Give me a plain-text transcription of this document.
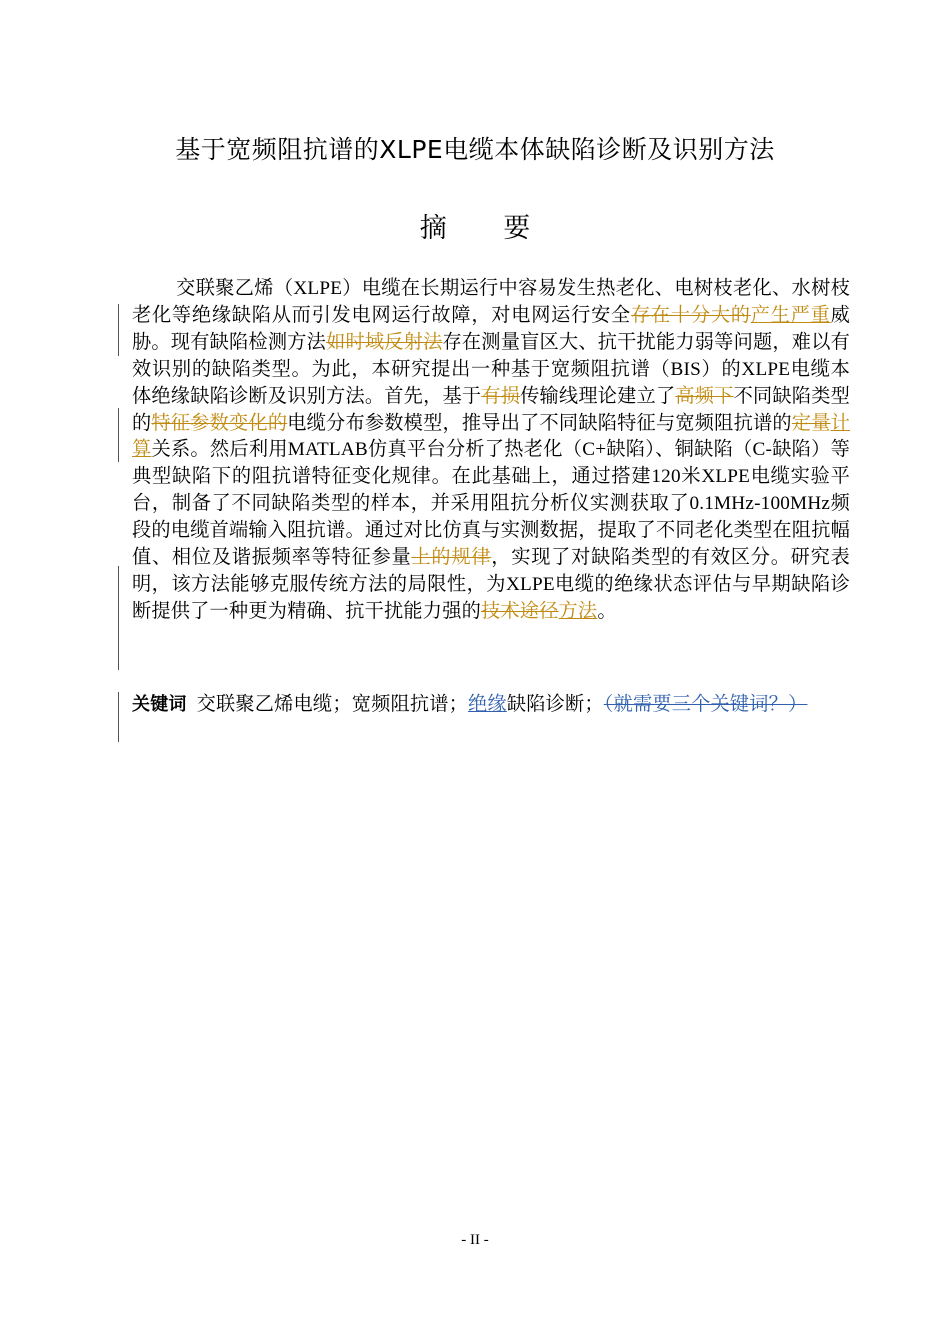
基于宽频阻抗谱的XLPE电缆本体缺陷诊断及识别方法
摘 要
交联聚乙烯（XLPE）电缆在长期运行中容易发生热老化、电树枝老化、水树枝老化等绝缘缺陷从而引发电网运行故障，对电网运行安全存在十分大的产生严重威胁。现有缺陷检测方法如时域反射法存在测量盲区大、抗干扰能力弱等问题，难以有效识别的缺陷类型。为此，本研究提出一种基于宽频阻抗谱（BIS）的XLPE电缆本体绝缘缺陷诊断及识别方法。首先，基于有损传输线理论建立了高频下不同缺陷类型的特征参数变化的电缆分布参数模型，推导出了不同缺陷特征与宽频阻抗谱的定量计算关系。然后利用MATLAB仿真平台分析了热老化（C+缺陷）、铜缺陷（C-缺陷）等典型缺陷下的阻抗谱特征变化规律。在此基础上，通过搭建120米XLPE电缆实验平台，制备了不同缺陷类型的样本，并采用阻抗分析仪实测获取了0.1MHz-100MHz频段的电缆首端输入阻抗谱。通过对比仿真与实测数据，提取了不同老化类型在阻抗幅值、相位及谐振频率等特征参量上的规律，实现了对缺陷类型的有效区分。研究表明，该方法能够克服传统方法的局限性，为XLPE电缆的绝缘状态评估与早期缺陷诊断提供了一种更为精确、抗干扰能力强的技术途径方法。
关键词 交联聚乙烯电缆；宽频阻抗谱；绝缘缺陷诊断；（就需要三个关键词？）
- II -
